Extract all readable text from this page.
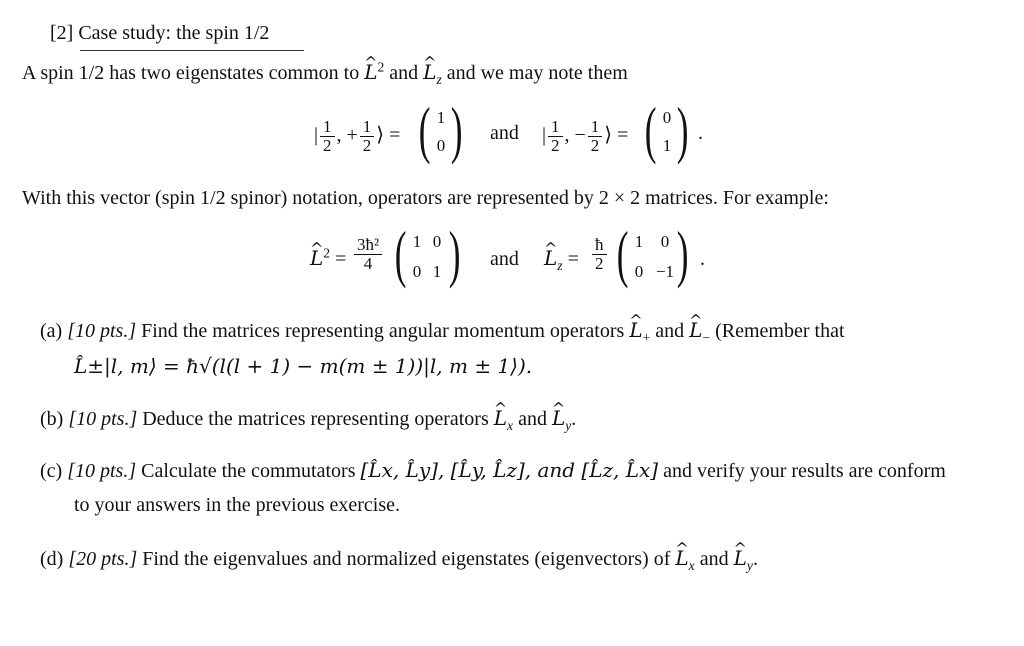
[2] Case study: the spin 1/2
A spin 1/2 has two eigenstates common to L ^$^2$ and L $\^{}_z$ and we may note them
| $\frac{1}{2}$ , + $\frac{1}{2}$ ⟩ = ( 1
0 ) and | $\frac{1}{2}$ , − $\frac{1}{2}$ ⟩ = ( 0
1 ) .
With this vector (spin 1/2 spinor) notation, operators are represented by 2 × 2 matrices. For example:
L ^$^2$ = $\frac{\text{3ħ²}}{4}$ ( 1 0
0 1 ) and L $\^{}_z = \frac{ħ}{2}$ ( 1	0
0 −1 ) .
(a) [10 pts.] Find the matrices representing angular momentum operators L $\^{}_+$ and L $\^{}_-$ (Remember that
L̂±|l, m⟩ = ħ√(l(l + 1) − m(m ± 1))|l, m ± 1⟩).
(b) [10 pts.] Deduce the matrices representing operators L $\^{}_x$ and L $\^{}_y$.
(c) [10 pts.] Calculate the commutators [L̂x, L̂y], [L̂y, L̂z], and [L̂z, L̂x] and verify your results are conform
to your answers in the previous exercise.
(d) [20 pts.] Find the eigenvalues and normalized eigenstates (eigenvectors) of L $\^{}_x$ and L $\^{}_y$.
